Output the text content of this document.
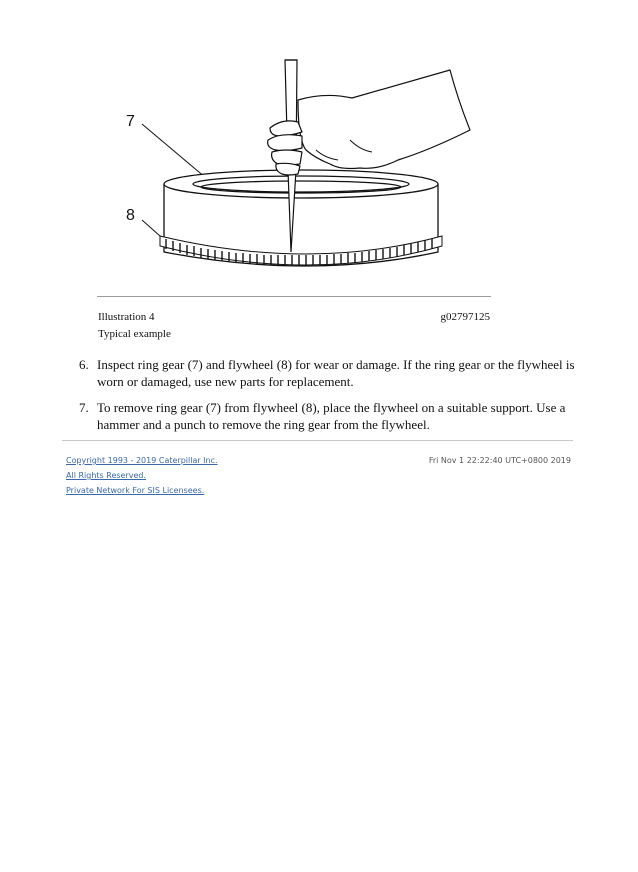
7
8
Illustration 4	g02797125
Typical example
6. Inspect ring gear (7) and flywheel (8) for wear or damage. If the ring gear or the flywheel is worn or damaged, use new parts for replacement.
7. To remove ring gear (7) from flywheel (8), place the flywheel on a suitable support. Use a hammer and a punch to remove the ring gear from the flywheel.
Copyright 1993 - 2019 Caterpillar Inc.
All Rights Reserved.
Private Network For SIS Licensees.
Fri Nov 1 22:22:40 UTC+0800 2019
